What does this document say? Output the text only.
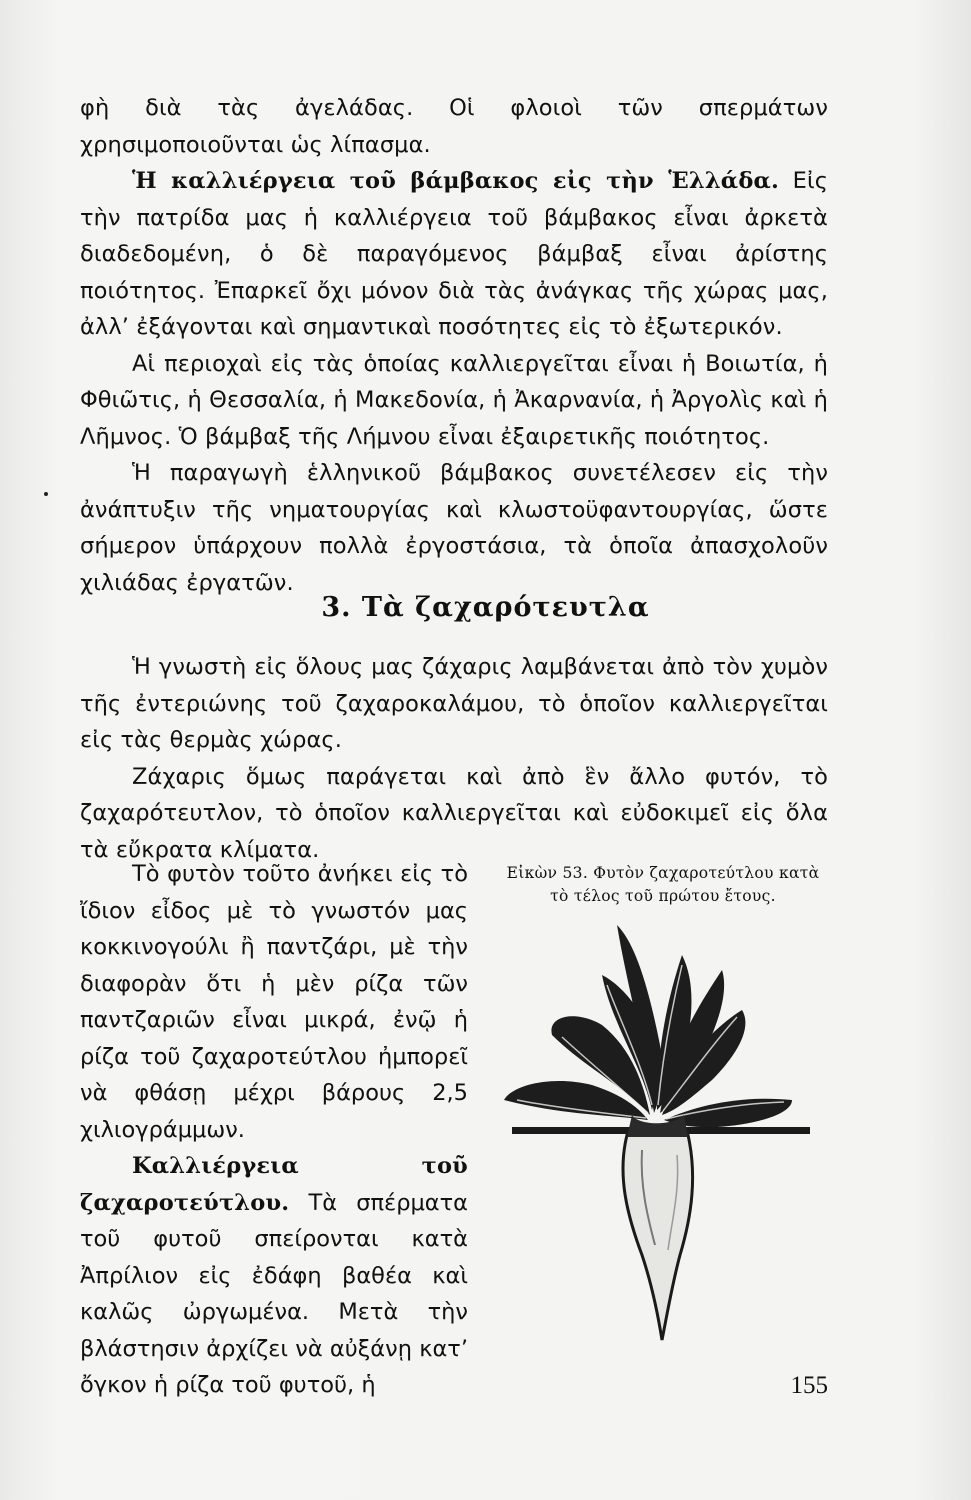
φὴ διὰ τὰς ἀγελάδας. Οἱ φλοιοὶ τῶν σπερμάτων χρησιμοποιοῦνται ὡς λίπασμα.

Ἡ καλλιέργεια τοῦ βάμβακος εἰς τὴν Ἑλλάδα. Εἰς τὴν πατρίδα μας ἡ καλλιέργεια τοῦ βάμβακος εἶναι ἀρκετὰ διαδεδομένη, ὁ δὲ παραγόμενος βάμβαξ εἶναι ἀρίστης ποιότητος. Ἐπαρκεῖ ὄχι μόνον διὰ τὰς ἀνάγκας τῆς χώρας μας, ἀλλ’ ἐξάγονται καὶ σημαντικαὶ ποσότητες εἰς τὸ ἐξωτερικόν.

Αἱ περιοχαὶ εἰς τὰς ὁποίας καλλιεργεῖται εἶναι ἡ Βοιωτία, ἡ Φθιῶτις, ἡ Θεσσαλία, ἡ Μακεδονία, ἡ Ἀκαρνανία, ἡ Ἀργολὶς καὶ ἡ Λῆμνος. Ὁ βάμβαξ τῆς Λήμνου εἶναι ἐξαιρετικῆς ποιότητος.

Ἡ παραγωγὴ ἑλληνικοῦ βάμβακος συνετέλεσεν εἰς τὴν ἀνάπτυξιν τῆς νηματουργίας καὶ κλωστοϋφαντουργίας, ὥστε σήμερον ὑπάρχουν πολλὰ ἐργοστάσια, τὰ ὁποῖα ἀπασχολοῦν χιλιάδας ἐργατῶν.

3. Τὰ ζαχαρότευτλα

Ἡ γνωστὴ εἰς ὅλους μας ζάχαρις λαμβάνεται ἀπὸ τὸν χυμὸν τῆς ἐντεριώνης τοῦ ζαχαροκαλάμου, τὸ ὁποῖον καλλιεργεῖται εἰς τὰς θερμὰς χώρας.

Ζάχαρις ὅμως παράγεται καὶ ἀπὸ ἓν ἄλλο φυτόν, τὸ ζαχαρότευτλον, τὸ ὁποῖον καλλιεργεῖται καὶ εὐδοκιμεῖ εἰς ὅλα τὰ εὔκρατα κλίματα.

Τὸ φυτὸν τοῦτο ἀνήκει εἰς τὸ ἴδιον εἶδος μὲ τὸ γνωστόν μας κοκκινογούλι ἢ παντζάρι, μὲ τὴν διαφορὰν ὅτι ἡ μὲν ρίζα τῶν παντζαριῶν εἶναι μικρά, ἐνῷ ἡ ρίζα τοῦ ζαχαροτεύτλου ἠμπορεῖ νὰ φθάσῃ μέχρι βάρους 2,5 χιλιογράμμων.

Καλλιέργεια τοῦ ζαχαροτεύτλου. Τὰ σπέρματα τοῦ φυτοῦ σπείρονται κατὰ Ἀπρίλιον εἰς ἐδάφη βαθέα καὶ καλῶς ὠργωμένα. Μετὰ τὴν βλάστησιν ἀρχίζει νὰ αὐξάνῃ κατ’ ὄγκον ἡ ρίζα τοῦ φυτοῦ, ἡ

Εἰκὼν 53. Φυτὸν ζαχαροτεύτλου κατὰ τὸ τέλος τοῦ πρώτου ἔτους.
155
